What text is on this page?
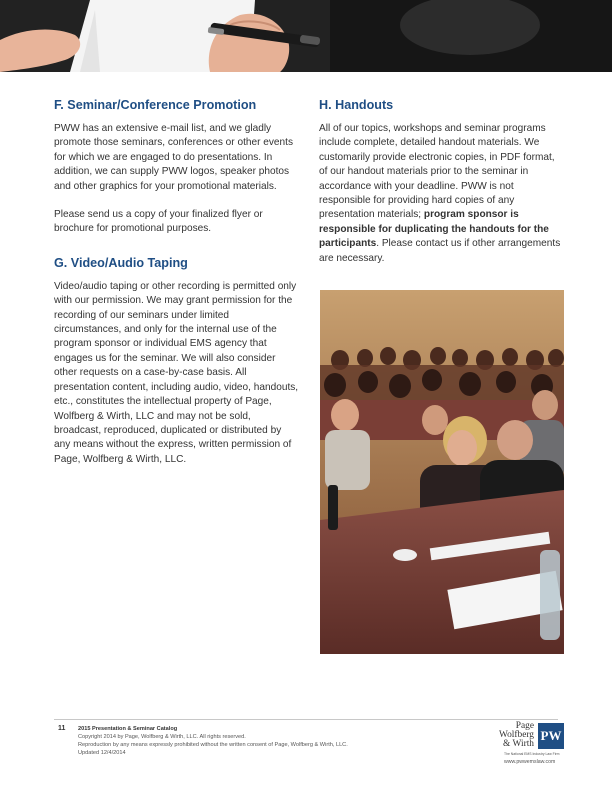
F. Seminar/Conference Promotion

PWW has an extensive e-mail list, and we gladly promote those seminars, conferences or other events for which we are engaged to do presentations. In addition, we can supply PWW logos, speaker photos and other graphics for your promotional materials.

Please send us a copy of your finalized flyer or brochure for promotional purposes.

G. Video/Audio Taping

Video/audio taping or other recording is permitted only with our permission. We may grant permission for the recording of our seminars under limited circumstances, and only for the internal use of the program sponsor or individual EMS agency that engages us for the seminar. We will also consider other requests on a case-by-case basis. All presentation content, including audio, video, handouts, etc., constitutes the intellectual property of Page, Wolfberg & Wirth, LLC and may not be sold, broadcast, reproduced, duplicated or distributed by any means without the express, written permission of Page, Wolfberg & Wirth, LLC.

H. Handouts

All of our topics, workshops and seminar programs include complete, detailed handout materials. We customarily provide electronic copies, in PDF format, of our handout materials prior to the seminar in accordance with your deadline. PWW is not responsible for providing hard copies of any presentation materials; program sponsor is responsible for duplicating the handouts for the participants. Please contact us if other arrangements are necessary.

11 2015 Presentation & Seminar Catalog
Copyright 2014 by Page, Wolfberg & Wirth, LLC. All rights reserved.
Reproduction by any means expressly prohibited without the written consent of Page, Wolfberg & Wirth, LLC.
Updated 12/4/2014
Page
Wolfberg
& Wirth
PW
The National EMS Industry Law Firm
www.pwwemslaw.com
